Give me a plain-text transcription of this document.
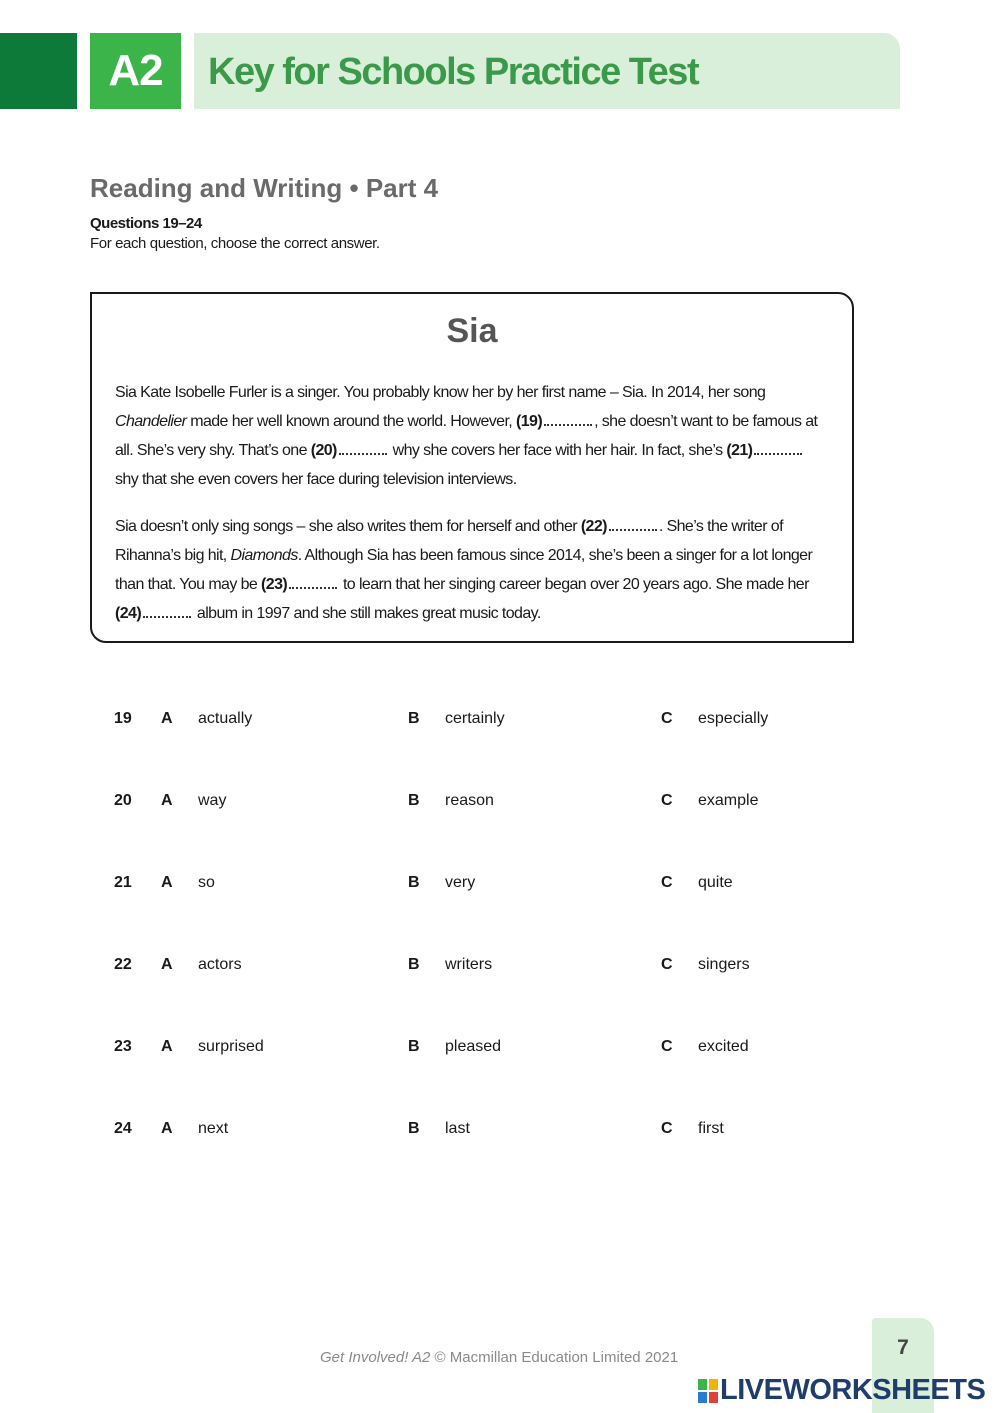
A2	Key for Schools Practice Test
Reading and Writing • Part 4
Questions 19–24
For each question, choose the correct answer.
Sia
Sia Kate Isobelle Furler is a singer. You probably know her by her first name – Sia. In 2014, her song Chandelier made her well known around the world. However, (19)	, she doesn’t want to be famous at all. She’s very shy. That’s one (20)	why she covers her face with her hair. In fact, she’s (21) shy that she even covers her face during television interviews.
Sia doesn’t only sing songs – she also writes them for herself and other (22)	. She’s the writer of Rihanna’s big hit, Diamonds. Although Sia has been famous since 2014, she’s been a singer for a lot longer than that. You may be (23)	to learn that her singing career began over 20 years ago. She made her (24)	album in 1997 and she still makes great music today.
19 A actually	B certainly	C especially
20 A way	B reason	C example
21 A so	B very	C quite
22 A actors	B writers	C singers
23 A surprised	B pleased	C excited
24 A next	B last	C first
Get Involved! A2 © Macmillan Education Limited 2021	7
LIVEWORKSHEETS
